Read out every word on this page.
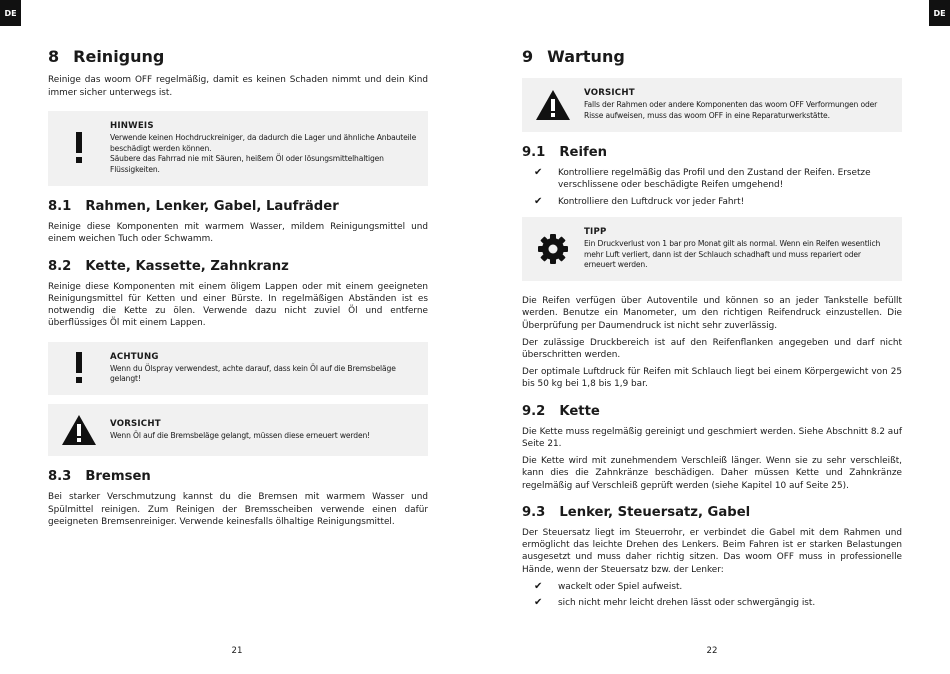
DE	DE
8 Reinigung

Reinige das woom OFF regelmäßig, damit es keinen Schaden nimmt und dein Kind immer sicher unterwegs ist.

HINWEIS
Verwende keinen Hochdruckreiniger, da dadurch die Lager und ähnliche Anbauteile beschädigt werden können.
Säubere das Fahrrad nie mit Säuren, heißem Öl oder lösungsmittelhaltigen Flüssigkeiten.
8.1 Rahmen, Lenker, Gabel, Laufräder

Reinige diese Komponenten mit warmem Wasser, mildem Reinigungsmittel und einem weichen Tuch oder Schwamm.

8.2 Kette, Kassette, Zahnkranz

Reinige diese Komponenten mit einem öligem Lappen oder mit einem geeigneten Reinigungsmittel für Ketten und einer Bürste. In regelmäßigen Abständen ist es notwendig die Kette zu ölen. Verwende dazu nicht zuviel Öl und entferne überflüssiges Öl mit einem Lappen.

ACHTUNG
Wenn du Ölspray verwendest, achte darauf, dass kein Öl auf die Bremsbeläge gelangt!
VORSICHT
Wenn Öl auf die Bremsbeläge gelangt, müssen diese erneuert werden!
8.3 Bremsen

Bei starker Verschmutzung kannst du die Bremsen mit warmem Wasser und Spülmittel reinigen. Zum Reinigen der Bremsscheiben verwende einen dafür geeigneten Bremsenreiniger. Verwende keinesfalls ölhaltige Reinigungsmittel.

9 Wartung
VORSICHT
Falls der Rahmen oder andere Komponenten das woom OFF Verformungen oder Risse aufweisen, muss das woom OFF in eine Reparaturwerkstätte.
9.1 Reifen
✔	Kontrolliere regelmäßig das Profil und den Zustand der Reifen. Ersetze verschlissene oder beschädigte Reifen umgehend!
✔	Kontrolliere den Luftdruck vor jeder Fahrt!
TIPP
Ein Druckverlust von 1 bar pro Monat gilt als normal. Wenn ein Reifen wesentlich mehr Luft verliert, dann ist der Schlauch schadhaft und muss repariert oder erneuert werden.

Die Reifen verfügen über Autoventile und können so an jeder Tankstelle befüllt werden. Benutze ein Manometer, um den richtigen Reifendruck einzustellen. Die Überprüfung per Daumendruck ist nicht sehr zuverlässig.

Der zulässige Druckbereich ist auf den Reifenflanken angegeben und darf nicht überschritten werden.

Der optimale Luftdruck für Reifen mit Schlauch liegt bei einem Körpergewicht von 25 bis 50 kg bei 1,8 bis 1,9 bar.

9.2 Kette

Die Kette muss regelmäßig gereinigt und geschmiert werden. Siehe Abschnitt 8.2 auf Seite 21.

Die Kette wird mit zunehmendem Verschleiß länger. Wenn sie zu sehr verschleißt, kann dies die Zahnkränze beschädigen. Daher müssen Kette und Zahnkränze regelmäßig auf Verschleiß geprüft werden (siehe Kapitel 10 auf Seite 25).

9.3 Lenker, Steuersatz, Gabel

Der Steuersatz liegt im Steuerrohr, er verbindet die Gabel mit dem Rahmen und ermöglicht das leichte Drehen des Lenkers. Beim Fahren ist er starken Belastungen ausgesetzt und muss daher richtig sitzen. Das woom OFF muss in professionelle Hände, wenn der Steuersatz bzw. der Lenker:

✔	wackelt oder Spiel aufweist.
✔	sich nicht mehr leicht drehen lässt oder schwergängig ist.
21	22
